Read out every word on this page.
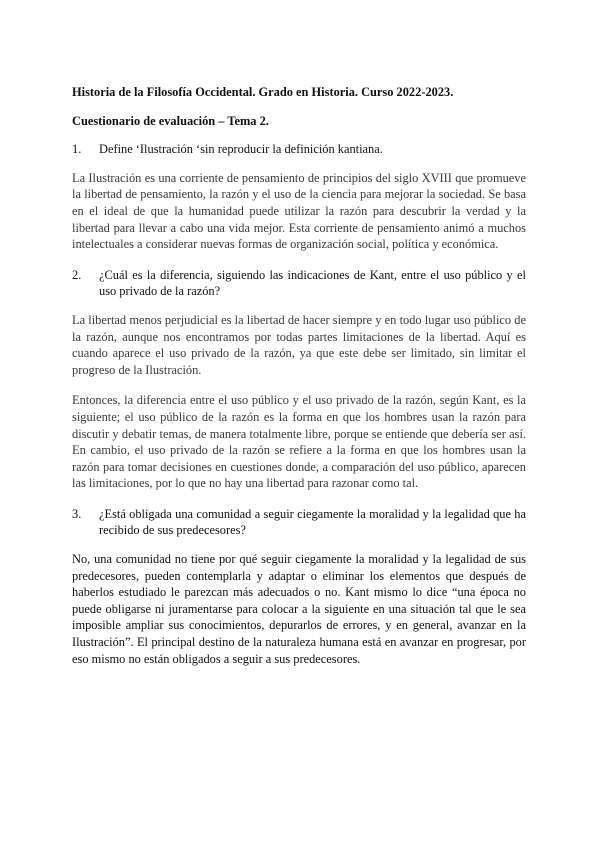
Historia de la Filosofía Occidental. Grado en Historia. Curso 2022-2023.

Cuestionario de evaluación – Tema 2.

1.	Define ‘Ilustración ‘sin reproducir la definición kantiana.

La Ilustración es una corriente de pensamiento de principios del siglo XVIII que promueve la libertad de pensamiento, la razón y el uso de la ciencia para mejorar la sociedad. Se basa en el ideal de que la humanidad puede utilizar la razón para descubrir la verdad y la libertad para llevar a cabo una vida mejor. Esta corriente de pensamiento animó a muchos intelectuales a considerar nuevas formas de organización social, política y económica.

2.	¿Cuál es la diferencia, siguiendo las indicaciones de Kant, entre el uso público y el uso privado de la razón?

La libertad menos perjudicial es la libertad de hacer siempre y en todo lugar uso público de la razón, aunque nos encontramos por todas partes limitaciones de la libertad. Aquí es cuando aparece el uso privado de la razón, ya que este debe ser limitado, sin limitar el progreso de la Ilustración.

Entonces, la diferencia entre el uso público y el uso privado de la razón, según Kant, es la siguiente; el uso público de la razón es la forma en que los hombres usan la razón para discutir y debatir temas, de manera totalmente libre, porque se entiende que debería ser así. En cambio, el uso privado de la razón se refiere a la forma en que los hombres usan la razón para tomar decisiones en cuestiones donde, a comparación del uso público, aparecen las limitaciones, por lo que no hay una libertad para razonar como tal.

3.	¿Está obligada una comunidad a seguir ciegamente la moralidad y la legalidad que ha recibido de sus predecesores?

No, una comunidad no tiene por qué seguir ciegamente la moralidad y la legalidad de sus predecesores, pueden contemplarla y adaptar o eliminar los elementos que después de haberlos estudiado le parezcan más adecuados o no. Kant mismo lo dice “una época no puede obligarse ni juramentarse para colocar a la siguiente en una situación tal que le sea imposible ampliar sus conocimientos, depurarlos de errores, y en general, avanzar en la Ilustración”. El principal destino de la naturaleza humana está en avanzar en progresar, por eso mismo no están obligados a seguir a sus predecesores.
